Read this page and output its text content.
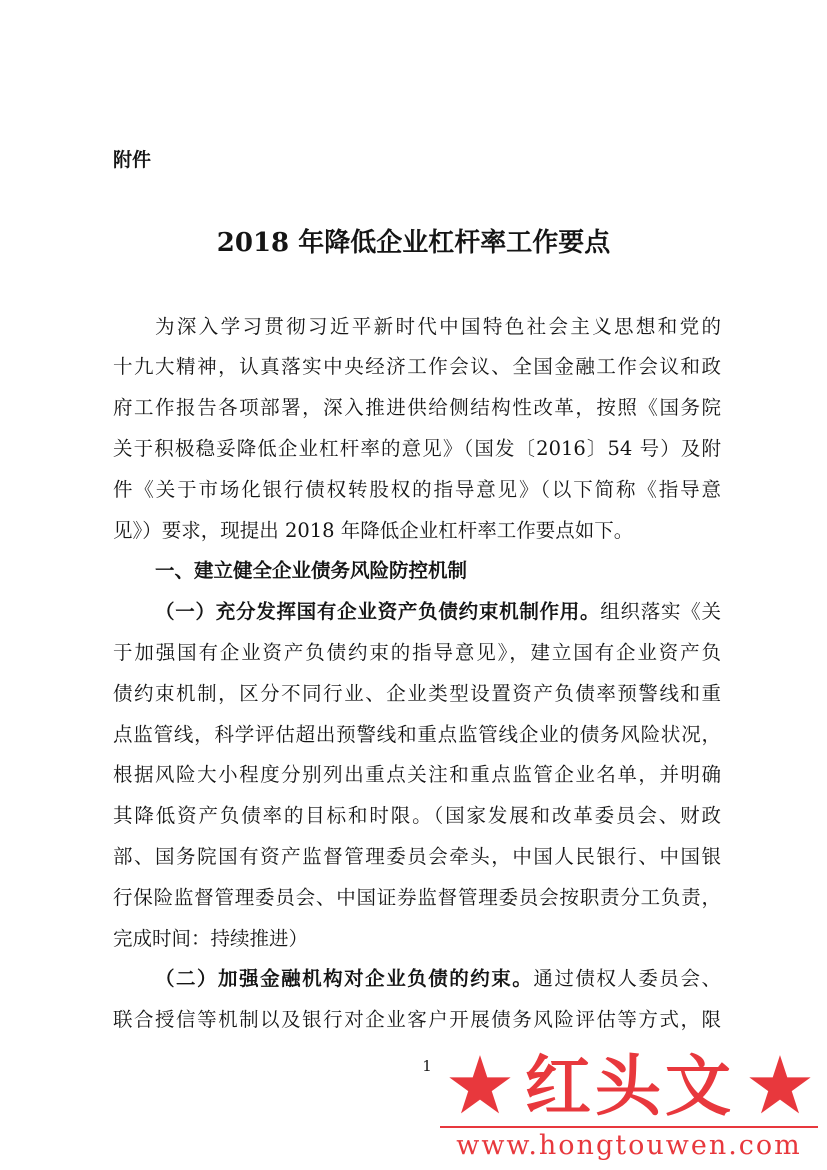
附件
2018 年降低企业杠杆率工作要点
为深入学习贯彻习近平新时代中国特色社会主义思想和党的
十九大精神，认真落实中央经济工作会议、全国金融工作会议和政
府工作报告各项部署，深入推进供给侧结构性改革，按照《国务院
关于积极稳妥降低企业杠杆率的意见》（国发〔2016〕54 号）及附
件《关于市场化银行债权转股权的指导意见》（以下简称《指导意
见》）要求，现提出 2018 年降低企业杠杆率工作要点如下。
一、建立健全企业债务风险防控机制
（一）充分发挥国有企业资产负债约束机制作用。组织落实《关
于加强国有企业资产负债约束的指导意见》，建立国有企业资产负
债约束机制，区分不同行业、企业类型设置资产负债率预警线和重
点监管线，科学评估超出预警线和重点监管线企业的债务风险状况，
根据风险大小程度分别列出重点关注和重点监管企业名单，并明确
其降低资产负债率的目标和时限。（国家发展和改革委员会、财政
部、国务院国有资产监督管理委员会牵头，中国人民银行、中国银
行保险监督管理委员会、中国证券监督管理委员会按职责分工负责，
完成时间：持续推进）
（二）加强金融机构对企业负债的约束。通过债权人委员会、
联合授信等机制以及银行对企业客户开展债务风险评估等方式，限
1
★ 红头文
★
www.hongtouwen.com
